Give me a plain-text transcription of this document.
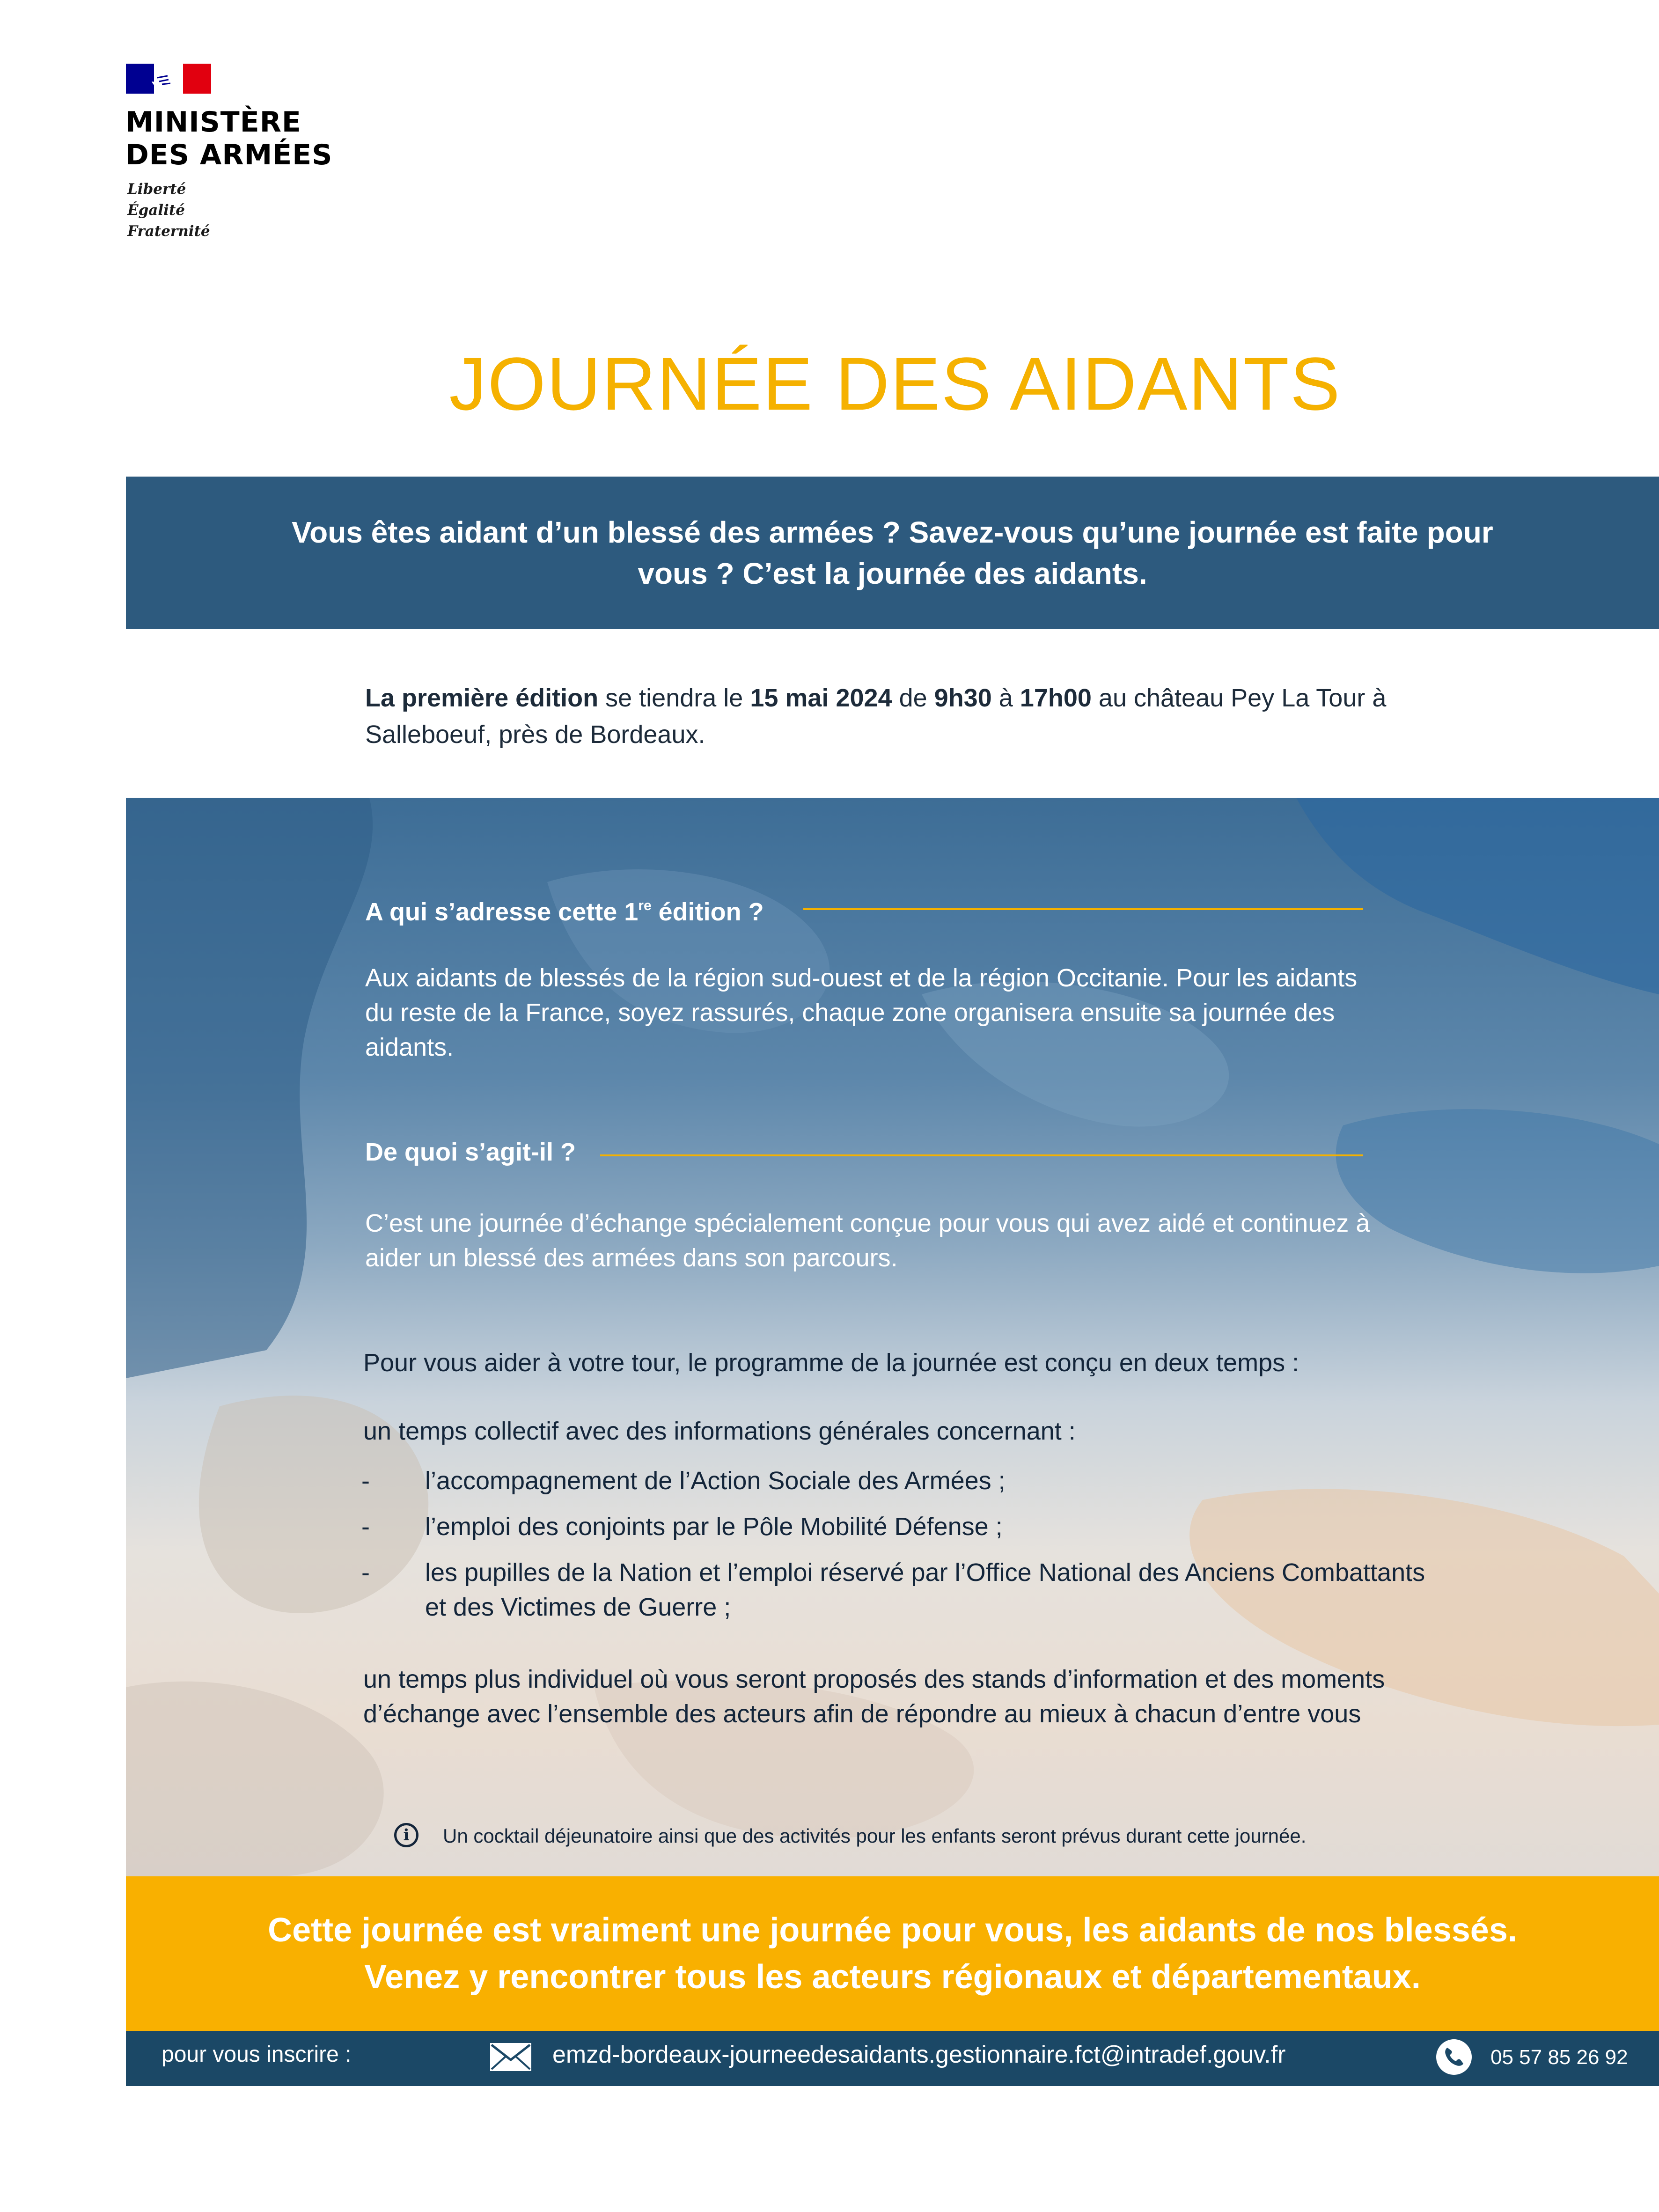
MINISTÈRE
DES ARMÉES
Liberté
Égalité
Fraternité
JOURNÉE DES AIDANTS

Vous êtes aidant d’un blessé des armées ? Savez-vous qu’une journée est faite pour vous ? C’est la journée des aidants.

La première édition se tiendra le 15 mai 2024 de 9h30 à 17h00 au château Pey La Tour à Salleboeuf, près de Bordeaux.
A qui s’adresse cette 1re édition ?
Aux aidants de blessés de la région sud-ouest et de la région Occitanie. Pour les aidants du reste de la France, soyez rassurés, chaque zone organisera ensuite sa journée des aidants.
De quoi s’agit-il ?
C’est une journée d’échange spécialement conçue pour vous qui avez aidé et continuez à aider un blessé des armées dans son parcours.
Pour vous aider à votre tour, le programme de la journée est conçu en deux temps :
un temps collectif avec des informations générales concernant :
- l’accompagnement de l’Action Sociale des Armées ;
- l’emploi des conjoints par le Pôle Mobilité Défense ;
- les pupilles de la Nation et l’emploi réservé par l’Office National des Anciens Combattants et des Victimes de Guerre ;
un temps plus individuel où vous seront proposés des stands d’information et des moments d’échange avec l’ensemble des acteurs afin de répondre au mieux à chacun d’entre vous
i	Un cocktail déjeunatoire ainsi que des activités pour les enfants seront prévus durant cette journée.
Cette journée est vraiment une journée pour vous, les aidants de nos blessés.
Venez y rencontrer tous les acteurs régionaux et départementaux.
pour vous inscrire :	emzd-bordeaux-journeedesaidants.gestionnaire.fct@intradef.gouv.fr	05 57 85 26 92
